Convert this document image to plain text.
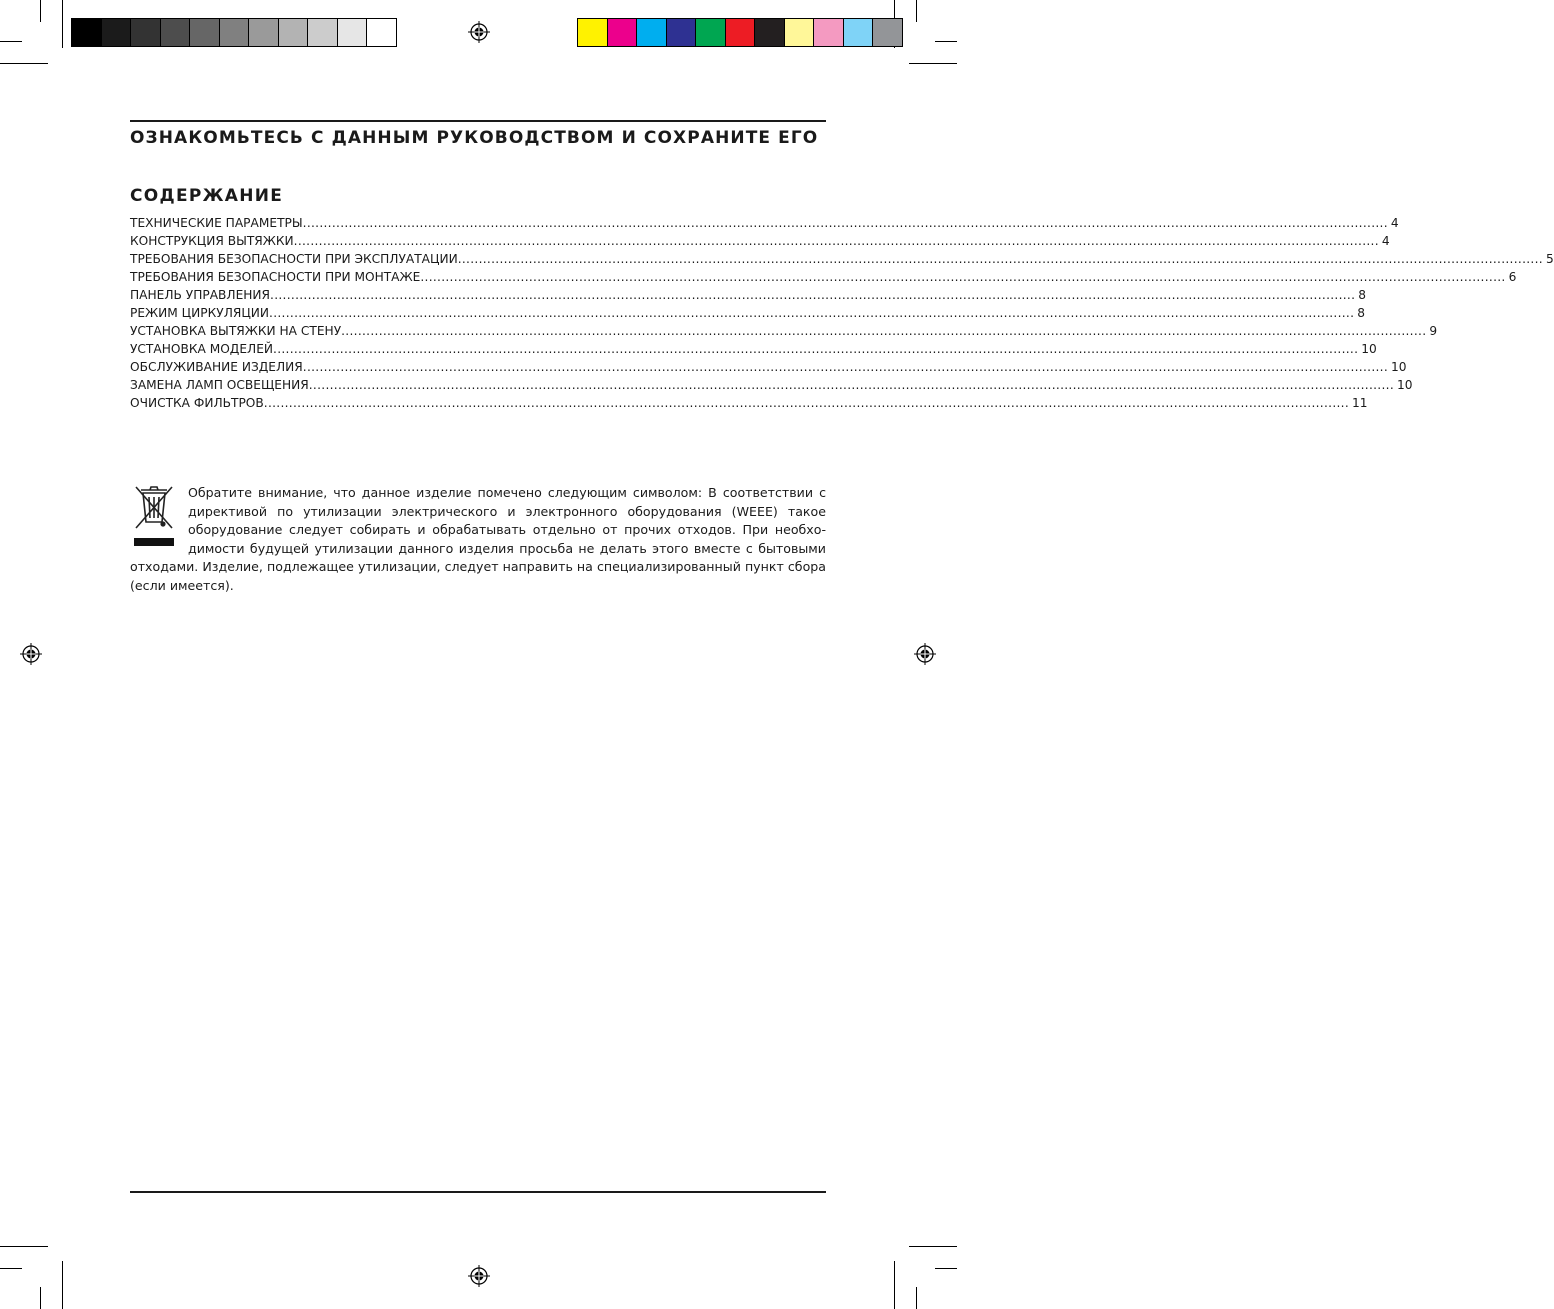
ОЗНАКОМЬТЕСЬ С ДАННЫМ РУКОВОДСТВОМ И СОХРАНИТЕ ЕГО
СОДЕРЖАНИЕ
ТЕХНИЧЕСКИЕ ПАРАМЕТРЫ .................................................................................................................................................................................................................................................................... 4
КОНСТРУКЦИЯ ВЫТЯЖКИ .................................................................................................................................................................................................................................................................... 4
ТРЕБОВАНИЯ БЕЗОПАСНОСТИ ПРИ ЭКСПЛУАТАЦИИ .................................................................................................................................................................................................................................................................... 5
ТРЕБОВАНИЯ БЕЗОПАСНОСТИ ПРИ МОНТАЖЕ .................................................................................................................................................................................................................................................................... 6
ПАНЕЛЬ УПРАВЛЕНИЯ .................................................................................................................................................................................................................................................................... 8
РЕЖИМ ЦИРКУЛЯЦИИ .................................................................................................................................................................................................................................................................... 8
УСТАНОВКА ВЫТЯЖКИ НА СТЕНУ .................................................................................................................................................................................................................................................................... 9
УСТАНОВКА МОДЕЛЕЙ .................................................................................................................................................................................................................................................................... 10
ОБСЛУЖИВАНИЕ ИЗДЕЛИЯ .................................................................................................................................................................................................................................................................... 10
ЗАМЕНА ЛАМП ОСВЕЩЕНИЯ .................................................................................................................................................................................................................................................................... 10
ОЧИСТКА ФИЛЬТРОВ .................................................................................................................................................................................................................................................................... 11
Обратите внимание, что данное изделие помечено следующим символом: В соответствии с директивой по утилизации электрического и электронного оборудования (WEEE) такое оборудование следует собирать и обрабатывать отдельно от прочих отходов. При необходимости будущей утилизации данного изделия просьба не делать этого вместе с бытовыми отходами. Изделие, подлежащее утилизации, следует направить на специализированный пункт сбора (если имеется).
